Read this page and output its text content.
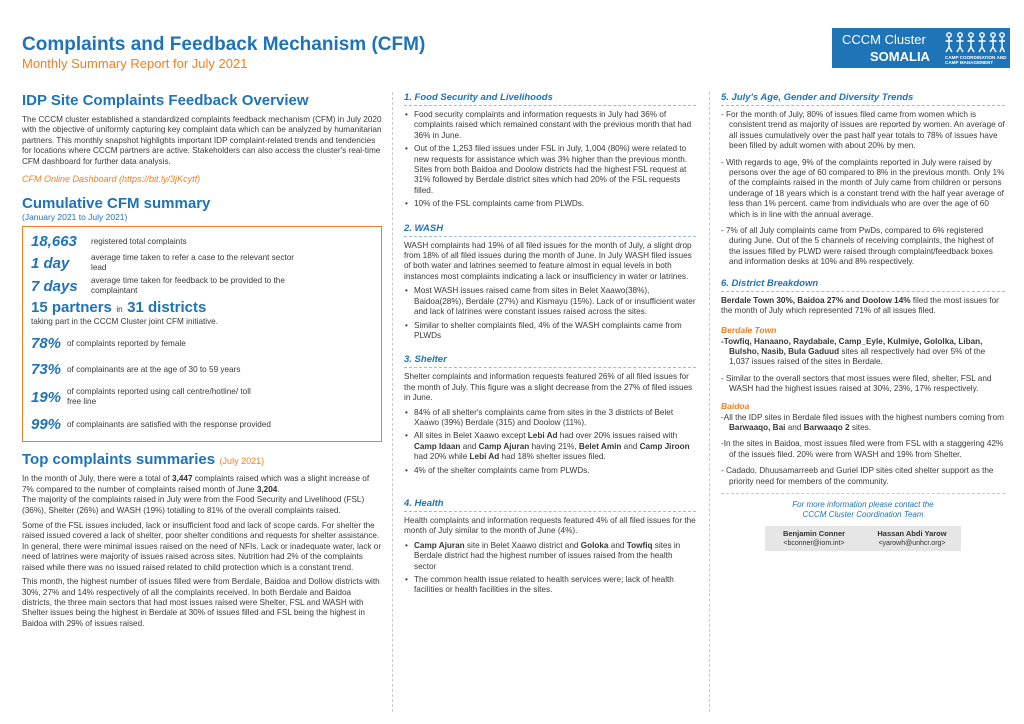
Complaints and Feedback Mechanism (CFM)
Monthly Summary Report for July 2021
CCCM Cluster
SOMALIA	CAMP COORDINATION AND CAMP MANAGEMENT
IDP Site Complaints Feedback Overview
The CCCM cluster established a standardized complaints feedback mechanism (CFM) in July 2020 with the objective of uniformly capturing key complaint data which can be analyzed by humanitarian partners. This monthly snapshot highlights important IDP complaint-related trends and tendencies for locations where CCCM partners are active. Stakeholders can also access the cluster's real-time CFM dashboard for further data analysis.
CFM Online Dashboard (https://bit.ly/3jKcytf)
Cumulative CFM summary
(January 2021 to July 2021)
18,663	registered total complaints
1 day	average time taken to refer a case to the relevant sector lead
7 days	average time taken for feedback to be provided to the complaintant
15 partners in 31 districts
taking part in the CCCM Cluster joint CFM initiative.
78% of complaints reported by female
73% of complainants are at the age of 30 to 59 years
19% of complaints reported using call centre/hotline/ toll free line
99% of complainants are satisfied with the response provided
Top complaints summaries (July 2021)
In the month of July, there were a total of 3,447 complaints raised which was a slight increase of 7% compared to the number of complaints raised month of June 3,204.
The majority of the complaints raised in July were from the Food Security and Livelihood (FSL) (36%), Shelter (26%) and WASH (19%) totalling to 81% of the overall complaints raised.
Some of the FSL issues included, lack or insufficient food and lack of scope cards. For shelter the raised issued covered a lack of shelter, poor shelter conditions and requests for shelter assistance. In general, there were minimal issues raised on the need of NFIs. Lack or inadequate water, lack or need of latrines were majority of issues raised across sites. Nutrition had 2% of the complaints raised while there was no issued raised related to child protection which is a constant trend.
This month, the highest number of issues filled were from Berdale, Baidoa and Dollow districts with 30%, 27% and 14% respectively of all the complaints received. In both Berdale and Baidoa districts, the three main sectors that had most issues raised were Shelter, FSL and WASH with Shelter issues being the highest in Berdale at 30% of issues filled and FSL being the highest in Baidoa with 29% of issues raised.
1. Food Security and Livelihoods
• Food security complaints and information requests in July had 36% of complaints raised which remained constant with the previous month that had 36% in June.
• Out of the 1,253 filed issues under FSL in July, 1,004 (80%) were related to new requests for assistance which was 3% higher than the previous month. Sites from both Baidoa and Doolow districts had the highest FSL request at 31% followed by Berdale district sites which had 20% of the FSL requests filled.
• 10% of the FSL complaints came from PLWDs.
2. WASH
WASH complaints had 19% of all filed issues for the month of July, a slight drop from 18% of all filed issues during the month of June. In July WASH filed issues of both water and latrines seemed to feature almost in equal levels in both instances most complaints indicating a lack or insufficiency in water or latrines.
• Most WASH issues raised came from sites in Belet Xaawo(38%), Baidoa(28%), Berdale (27%) and Kismayu (15%). Lack of or insufficient water and lack of latrines were constant issues raised across the sites.
• Similar to shelter complaints filed, 4% of the WASH complaints came from PLWDs
3. Shelter
Shelter complaints and information requests featured 26% of all filed issues for the month of July. This figure was a slight decrease from the 27% of filed issues in June.
• 84% of all shelter's complaints came from sites in the 3 districts of Belet Xaawo (39%) Berdale (315) and Doolow (11%).
• All sites in Belet Xaawo except Lebi Ad had over 20% issues raised with Camp Idaan and Camp Ajuran having 21%, Belet Amin and Camp Jiroon had 20% while Lebi Ad had 18% shelter issues filed.
• 4% of the shelter complaints came from PLWDs.
4. Health
Health complaints and information requests featured 4% of all filed issues for the month of July similar to the month of June (4%).
• Camp Ajuran site in Belet Xaawo district and Goloka and Towfiq sites in Berdale district had the highest number of issues raised from the health sector
• The common health issue related to health services were; lack of health facilities or health facilities in the sites.
5. July's Age, Gender and Diversity Trends
- For the month of July, 80% of issues filed came from women which is consistent trend as majority of issues are reported by women. An average of all issues cumulatively over the past half year totals to 78% of issues have been filled by adult women with about 20% by men.
- With regards to age, 9% of the complaints reported in July were raised by persons over the age of 60 compared to 8% in the previous month. Only 1% of the complaints raised in the month of July came from children or persons underage of 18 years which is a constant trend with the half year average of less than 1% percent. came from individuals who are over the age of 60 which is in line with the annual average.
- 7% of all July complaints came from PwDs, compared to 6% registered during June. Out of the 5 channels of receiving complaints, the highest of the issues filled by PLWD were raised through complaint/feedback boxes and information desks at 10% and 8% respectively.
6. District Breakdown
Berdale Town 30%, Baidoa 27% and Doolow 14% filed the most issues for the month of July which represented 71% of all issues filed.
Berdale Town
-Towfiq, Hanaano, Raydabale, Camp_Eyle, Kulmiye, Gololka, Liban, Bulsho, Nasib, Bula Gaduud sites all respectively had over 5% of the 1,037 issues raised of the sites in Berdale.
- Similar to the overall sectors that most issues were filed, shelter, FSL and WASH had the highest issues raised at 30%, 23%, 17% respectively.
Baidoa
-All the IDP sites in Berdale filed issues with the highest numbers coming from Barwaaqo, Bai and Barwaaqo 2 sites.
-In the sites in Baidoa, most issues filed were from FSL with a staggering 42% of the issues filed. 20% were from WASH and 19% from Shelter.
- Cadado, Dhuusamarreeb and Guriel IDP sites cited shelter support as the priority need for members of the community.
For more information please contact the
CCCM Cluster Coordination Team
Benjamin Conner
<bconner@iom.int>
Hassan Abdi Yarow
<yarowh@unhcr.org>
